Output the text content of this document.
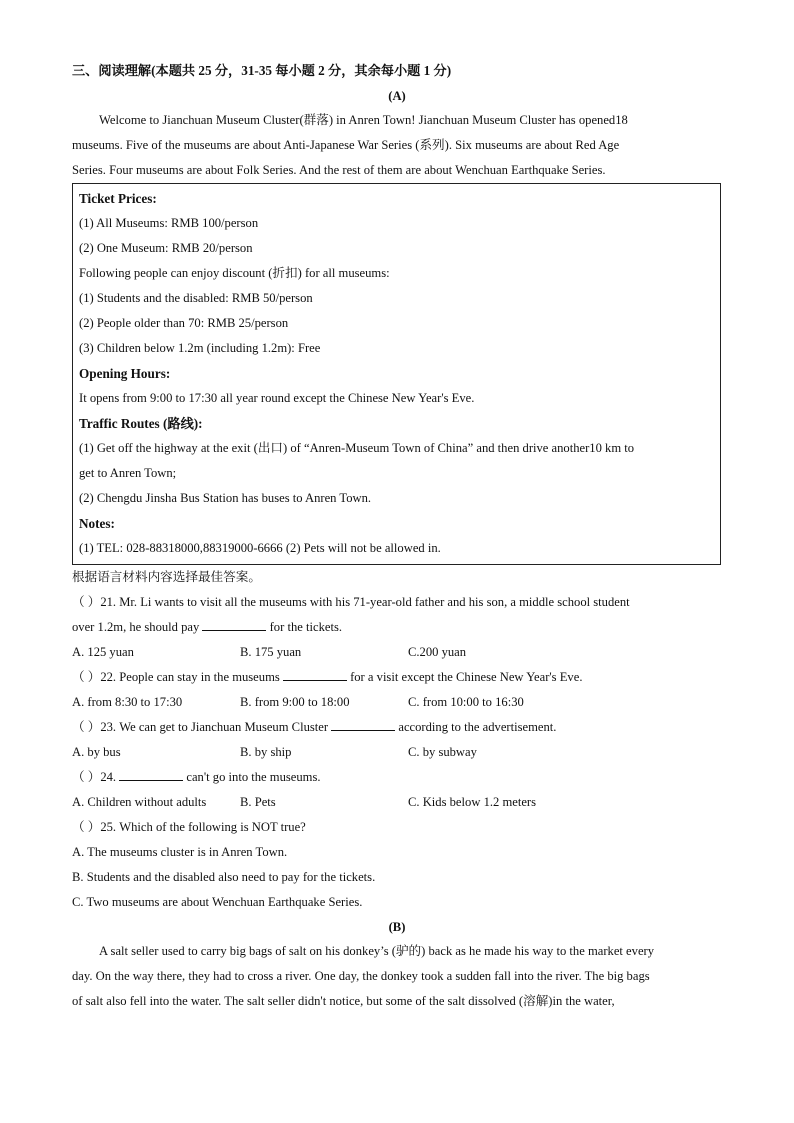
三、阅读理解(本题共 25 分，31-35 每小题 2 分，其余每小题 1 分)
(A)
Welcome to Jianchuan Museum Cluster(群落) in Anren Town! Jianchuan Museum Cluster has opened18
museums. Five of the museums are about Anti-Japanese War Series (系列). Six museums are about Red Age
Series. Four museums are about Folk Series. And the rest of them are about Wenchuan Earthquake Series.
Ticket Prices:
(1) All Museums: RMB 100/person
(2) One Museum: RMB 20/person
Following people can enjoy discount (折扣) for all museums:
(1) Students and the disabled: RMB 50/person
(2) People older than 70: RMB 25/person
(3) Children below 1.2m (including 1.2m): Free
Opening Hours:
It opens from 9:00 to 17:30 all year round except the Chinese New Year's Eve.
Traffic Routes (路线):
(1) Get off the highway at the exit (出口) of “Anren-Museum Town of China” and then drive another10 km to
get to Anren Town;
(2) Chengdu Jinsha Bus Station has buses to Anren Town.
Notes:
(1) TEL: 028-88318000,88319000-6666 (2) Pets will not be allowed in.
根据语言材料内容选择最佳答案。
（ ）21. Mr. Li wants to visit all the museums with his 71-year-old father and his son, a middle school student
over 1.2m, he should pay	for the tickets.
A. 125 yuan	B. 175 yuan	C.200 yuan
（ ）22. People can stay in the museums	for a visit except the Chinese New Year's Eve.
A. from 8:30 to 17:30	B. from 9:00 to 18:00	C. from 10:00 to 16:30
（ ）23. We can get to Jianchuan Museum Cluster	according to the advertisement.
A. by bus	B. by ship	C. by subway
（ ）24.	can't go into the museums.
A. Children without adults	B. Pets	C. Kids below 1.2 meters
（ ）25. Which of the following is NOT true?
A. The museums cluster is in Anren Town.
B. Students and the disabled also need to pay for the tickets.
C. Two museums are about Wenchuan Earthquake Series.
(B)
A salt seller used to carry big bags of salt on his donkey’s (驴的) back as he made his way to the market every
day. On the way there, they had to cross a river. One day, the donkey took a sudden fall into the river. The big bags
of salt also fell into the water. The salt seller didn't notice, but some of the salt dissolved (溶解)in the water,
